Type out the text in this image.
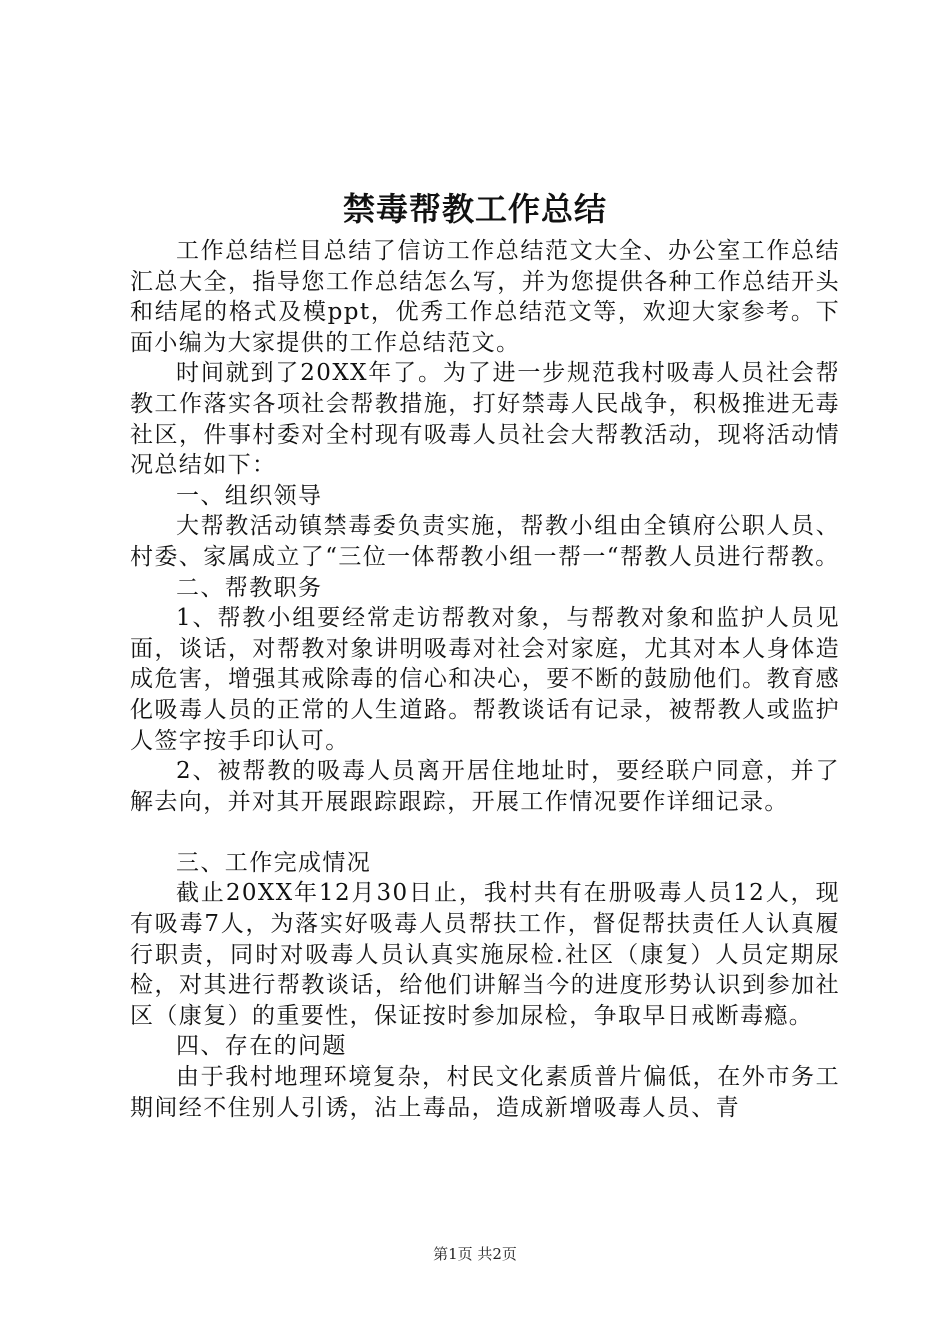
禁毒帮教工作总结

工作总结栏目总结了信访工作总结范文大全、办公室工作总结汇总大全，指导您工作总结怎么写，并为您提供各种工作总结开头和结尾的格式及模ppt，优秀工作总结范文等，欢迎大家参考。下面小编为大家提供的工作总结范文。

时间就到了20XX年了。为了进一步规范我村吸毒人员社会帮教工作落实各项社会帮教措施，打好禁毒人民战争，积极推进无毒社区，件事村委对全村现有吸毒人员社会大帮教活动，现将活动情况总结如下：

一、组织领导

大帮教活动镇禁毒委负责实施，帮教小组由全镇府公职人员、村委、家属成立了“三位一体帮教小组一帮一“帮教人员进行帮教。

二、帮教职务

1、帮教小组要经常走访帮教对象，与帮教对象和监护人员见面，谈话，对帮教对象讲明吸毒对社会对家庭，尤其对本人身体造成危害，增强其戒除毒的信心和决心，要不断的鼓励他们。教育感化吸毒人员的正常的人生道路。帮教谈话有记录，被帮教人或监护人签字按手印认可。

2、被帮教的吸毒人员离开居住地址时，要经联户同意，并了解去向，并对其开展跟踪跟踪，开展工作情况要作详细记录。

三、工作完成情况

截止20XX年12月30日止，我村共有在册吸毒人员12人，现有吸毒7人，为落实好吸毒人员帮扶工作，督促帮扶责任人认真履行职责，同时对吸毒人员认真实施尿检.社区（康复）人员定期尿检，对其进行帮教谈话，给他们讲解当今的进度形势认识到参加社区（康复）的重要性，保证按时参加尿检，争取早日戒断毒瘾。

四、存在的问题

由于我村地理环境复杂，村民文化素质普片偏低，在外市务工期间经不住别人引诱，沾上毒品，造成新增吸毒人员、青

第1页 共2页
